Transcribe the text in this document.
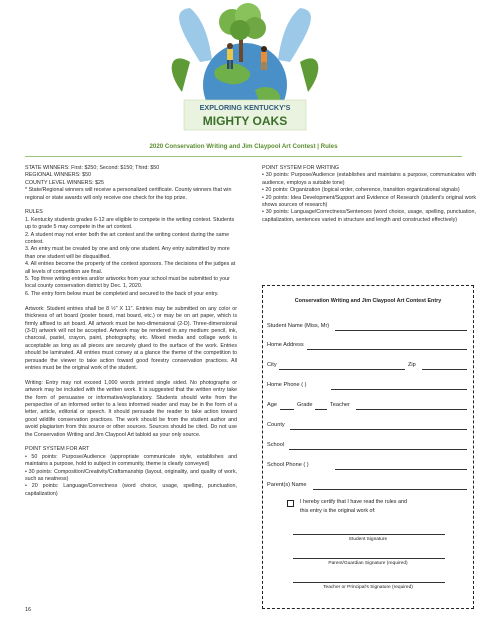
EXPLORING KENTUCKY'S
MIGHTY OAKS
2020 Conservation Writing and Jim Claypool Art Contest | Rules

STATE WINNERS: First: $250; Second: $150; Third: $50

REGIONAL WINNERS: $50

COUNTY LEVEL WINNERS: $25

* State/Regional winners will receive a personalized certificate. County winners that win regional or state awards will only receive one check for the top prize.

RULES

1. Kentucky students grades 6-12 are eligible to compete in the writing contest. Students up to grade 5 may compete in the art contest.

2. A student may not enter both the art contest and the writing contest during the same contest.

3. An entry must be created by one and only one student. Any entry submitted by more than one student will be disqualified.

4. All entries become the property of the contest sponsors. The decisions of the judges at all levels of competition are final.

5. Top three writing entries and/or artworks from your school must be submitted to your local county conservation district by Dec. 1, 2020.

6. The entry form below must be completed and secured to the back of your entry.

Artwork: Student entries shall be 8 ½" X 11". Entries may be submitted on any color or thickness of art board (poster board, mat board, etc.) or may be on art paper, which is firmly affixed to art board. All artwork must be two-dimensional (2-D). Three-dimensional (3-D) artwork will not be accepted. Artwork may be rendered in any medium: pencil, ink, charcoal, pastel, crayon, paint, photography, etc. Mixed media and collage work is acceptable as long as all pieces are securely glued to the surface of the work. Entries should be laminated. All entries must convey at a glance the theme of the competition to persuade the viewer to take action toward good forestry conservation practices. All entries must be the original work of the student.

Writing: Entry may not exceed 1,000 words printed single sided. No photographs or artwork may be included with the written work. It is suggested that the written entry take the form of persuasive or informative/explanatory. Students should write from the perspective of an informed writer to a less informed reader and may be in the form of a letter, article, editorial or speech. It should persuade the reader to take action toward good wildlife conservation practices. The work should be from the student author and avoid plagiarism from this source or other sources. Sources should be cited. Do not use the Conservation Writing and Jim Claypool Art tabloid as your only source.

POINT SYSTEM FOR ART

• 50 points: Purpose/Audience (appropriate communicate style, establishes and maintains a purpose, hold to subject in community, theme is clearly conveyed)

• 30 points: Composition/Creativity/Craftsmanship (layout, originality, and quality of work, such as neatness)

• 20 points: Language/Correctness (word choice, usage, spelling, punctuation, capitalization)

POINT SYSTEM FOR WRITING

• 30 points: Purpose/Audience (establishes and maintains a purpose, communicates with audience, employs a suitable tone)

• 20 points: Organization (logical order, coherence, transition organizational signals)

• 20 points: Idea Development/Support and Evidence of Research (student's original work shows sources of research)

• 30 points: Language/Correctness/Sentences (word choice, usage, spelling, punctuation, capitalization, sentences varied in structure and length and constructed effectively)

Conservation Writing and Jim Claypool Art Contest Entry
Student Name (Miss, Mr)
Home Address
City	Zip
Home Phone ( )
Age	Grade	Teacher
County
School
School Phone ( )
Parent(s) Name
I hereby certify that I have read the rules and
this entry is the original work of:
Student Signature
Parent/Guardian Signature (required)
Teacher or Principal's Signature (required)
16
